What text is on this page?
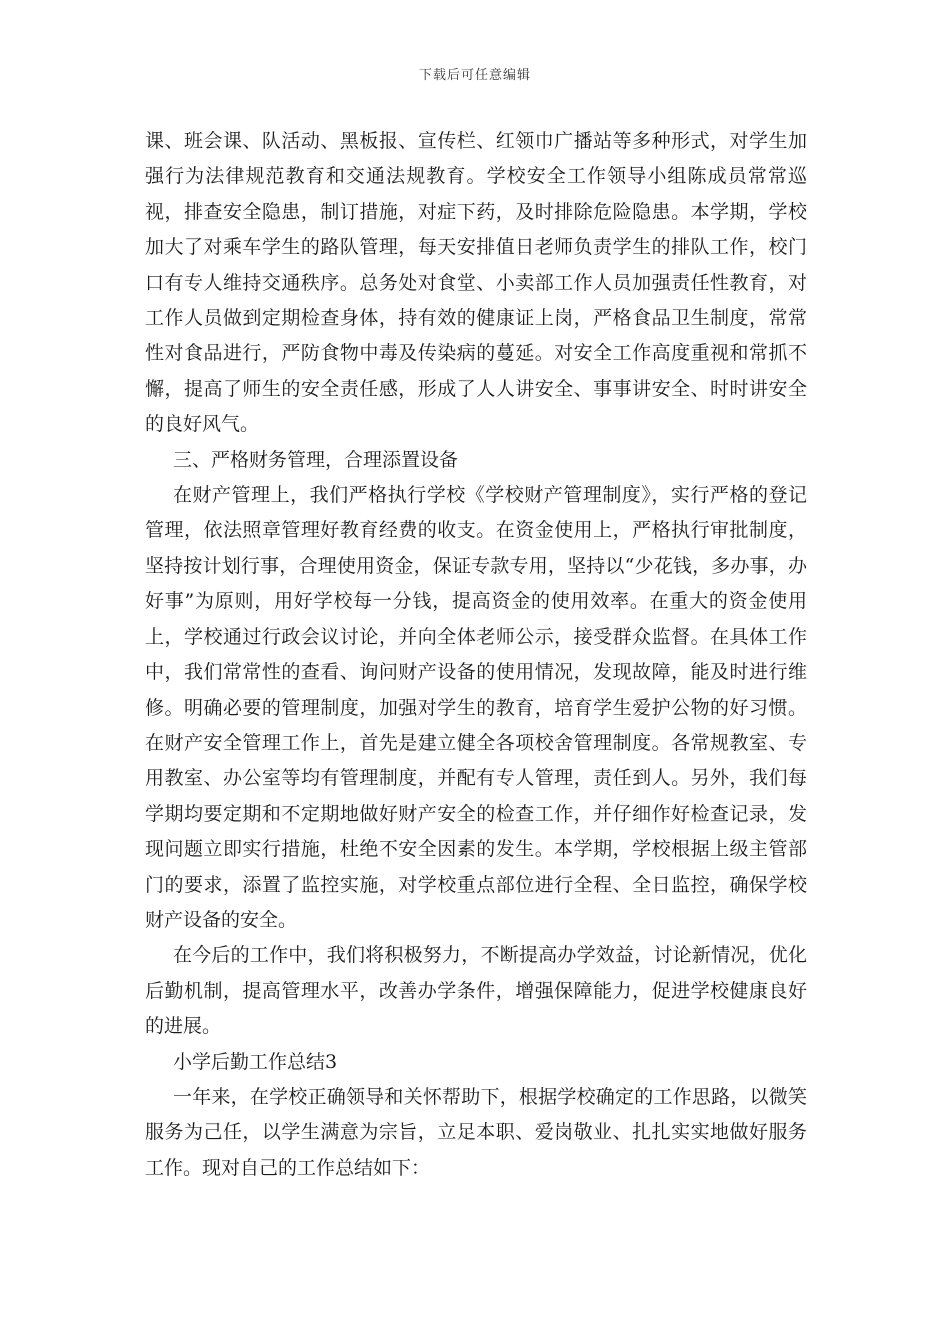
下载后可任意编辑

课、班会课、队活动、黑板报、宣传栏、红领巾广播站等多种形式，对学生加强行为法律规范教育和交通法规教育。学校安全工作领导小组陈成员常常巡视，排查安全隐患，制订措施，对症下药，及时排除危险隐患。本学期，学校加大了对乘车学生的路队管理，每天安排值日老师负责学生的排队工作，校门口有专人维持交通秩序。总务处对食堂、小卖部工作人员加强责任性教育，对工作人员做到定期检查身体，持有效的健康证上岗，严格食品卫生制度，常常性对食品进行，严防食物中毒及传染病的蔓延。对安全工作高度重视和常抓不懈，提高了师生的安全责任感，形成了人人讲安全、事事讲安全、时时讲安全的良好风气。

三、严格财务管理，合理添置设备

在财产管理上，我们严格执行学校《学校财产管理制度》，实行严格的登记管理，依法照章管理好教育经费的收支。在资金使用上，严格执行审批制度，坚持按计划行事，合理使用资金，保证专款专用，坚持以“少花钱，多办事，办好事”为原则，用好学校每一分钱，提高资金的使用效率。在重大的资金使用上，学校通过行政会议讨论，并向全体老师公示，接受群众监督。在具体工作中，我们常常性的查看、询问财产设备的使用情况，发现故障，能及时进行维修。明确必要的管理制度，加强对学生的教育，培育学生爱护公物的好习惯。在财产安全管理工作上，首先是建立健全各项校舍管理制度。各常规教室、专用教室、办公室等均有管理制度，并配有专人管理，责任到人。另外，我们每学期均要定期和不定期地做好财产安全的检查工作，并仔细作好检查记录，发现问题立即实行措施，杜绝不安全因素的发生。本学期，学校根据上级主管部门的要求，添置了监控实施，对学校重点部位进行全程、全日监控，确保学校财产设备的安全。

在今后的工作中，我们将积极努力，不断提高办学效益，讨论新情况，优化后勤机制，提高管理水平，改善办学条件，增强保障能力，促进学校健康良好的进展。

小学后勤工作总结3

一年来，在学校正确领导和关怀帮助下，根据学校确定的工作思路，以微笑服务为己任，以学生满意为宗旨，立足本职、爱岗敬业、扎扎实实地做好服务工作。现对自己的工作总结如下：
